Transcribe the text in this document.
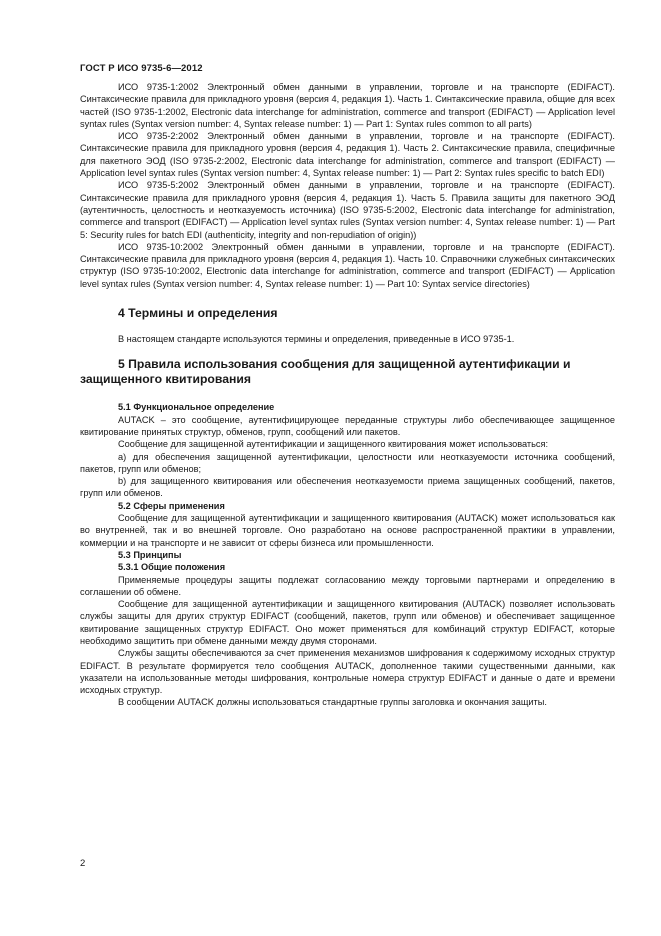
ГОСТ Р ИСО 9735-6—2012

ИСО 9735-1:2002 Электронный обмен данными в управлении, торговле и на транспорте (EDIFACT). Синтаксические правила для прикладного уровня (версия 4, редакция 1). Часть 1. Синтаксические правила, общие для всех частей (ISO 9735-1:2002, Electronic data interchange for administration, commerce and transport (EDIFACT) — Application level syntax rules (Syntax version number: 4, Syntax release number: 1) — Part 1: Syntax rules common to all parts)

ИСО 9735-2:2002 Электронный обмен данными в управлении, торговле и на транспорте (EDIFACT). Синтаксические правила для прикладного уровня (версия 4, редакция 1). Часть 2. Синтаксические правила, специфичные для пакетного ЭОД (ISO 9735-2:2002, Electronic data interchange for administration, commerce and transport (EDIFACT) — Application level syntax rules (Syntax version number: 4, Syntax release number: 1) — Part 2: Syntax rules specific to batch EDI)

ИСО 9735-5:2002 Электронный обмен данными в управлении, торговле и на транспорте (EDIFACT). Синтаксические правила для прикладного уровня (версия 4, редакция 1). Часть 5. Правила защиты для пакетного ЭОД (аутентичность, целостность и неотказуемость источника) (ISO 9735-5:2002, Electronic data interchange for administration, commerce and transport (EDIFACT) — Application level syntax rules (Syntax version number: 4, Syntax release number: 1) — Part 5: Security rules for batch EDI (authenticity, integrity and non-repudiation of origin))

ИСО 9735-10:2002 Электронный обмен данными в управлении, торговле и на транспорте (EDIFACT). Синтаксические правила для прикладного уровня (версия 4, редакция 1). Часть 10. Справочники служебных синтаксических структур (ISO 9735-10:2002, Electronic data interchange for administration, commerce and transport (EDIFACT) — Application level syntax rules (Syntax version number: 4, Syntax release number: 1) — Part 10: Syntax service directories)

4 Термины и определения

В настоящем стандарте используются термины и определения, приведенные в ИСО 9735-1.

5 Правила использования сообщения для защищенной аутентификации и защищенного квитирования
5.1 Функциональное определение

AUTACK – это сообщение, аутентифицирующее переданные структуры либо обеспечивающее защищенное квитирование принятых структур, обменов, групп, сообщений или пакетов.

Сообщение для защищенной аутентификации и защищенного квитирования может использоваться:

а) для обеспечения защищенной аутентификации, целостности или неотказуемости источника сообщений, пакетов, групп или обменов;

b) для защищенного квитирования или обеспечения неотказуемости приема защищенных сообщений, пакетов, групп или обменов.

5.2 Сферы применения

Сообщение для защищенной аутентификации и защищенного квитирования (AUTACK) может использоваться как во внутренней, так и во внешней торговле. Оно разработано на основе распространенной практики в управлении, коммерции и на транспорте и не зависит от сферы бизнеса или промышленности.

5.3 Принципы
5.3.1 Общие положения

Применяемые процедуры защиты подлежат согласованию между торговыми партнерами и определению в соглашении об обмене.

Сообщение для защищенной аутентификации и защищенного квитирования (AUTACK) позволяет использовать службы защиты для других структур EDIFACT (сообщений, пакетов, групп или обменов) и обеспечивает защищенное квитирование защищенных структур EDIFACT. Оно может применяться для комбинаций структур EDIFACT, которые необходимо защитить при обмене данными между двумя сторонами.

Службы защиты обеспечиваются за счет применения механизмов шифрования к содержимому исходных структур EDIFACT. В результате формируется тело сообщения AUTACK, дополненное такими существенными данными, как указатели на использованные методы шифрования, контрольные номера структур EDIFACT и данные о дате и времени исходных структур.

В сообщении AUTACK должны использоваться стандартные группы заголовка и окончания защиты.

2
